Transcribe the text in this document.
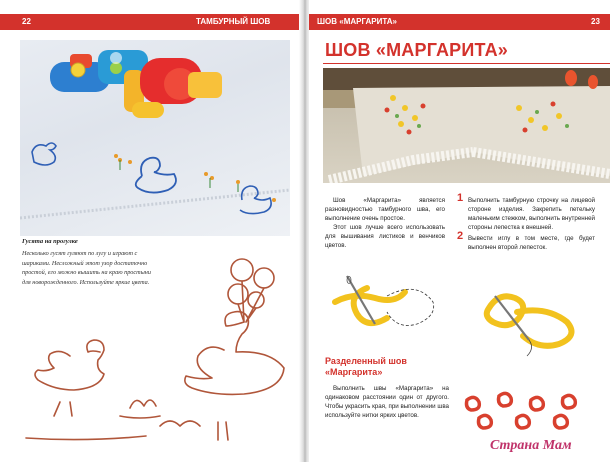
22	ТАМБУРНЫЙ ШОВ
Гусята на прогулке
Несколько гусят гуляют по лугу и играют с шариками. Несложный этот узор достаточно простой, его можно вышить на краю простыни для новорожденного. Используйте яркие цвета.
ШОВ «МАРГАРИТА»	23
ШОВ «МАРГАРИТА»

Шов «Маргарита» является разновидностью тамбурного шва, его выполнение очень простое.

Этот шов лучше всего использовать для вышивания листиков и венчиков цветов.

1 Выполнить тамбурную строчку на лицевой стороне изделия. Закрепить петельку маленьким стежком, выполнить внутренней стороны лепестка к внешней.
2 Вывести иглу в том месте, где будет выполнен второй лепесток.
Разделенный шов
«Маргарита»

Выполнить швы «Маргарита» на одинаковом расстоянии один от другого. Чтобы украсить края, при выполнении шва используйте нитки ярких цветов.

Страна Мам
